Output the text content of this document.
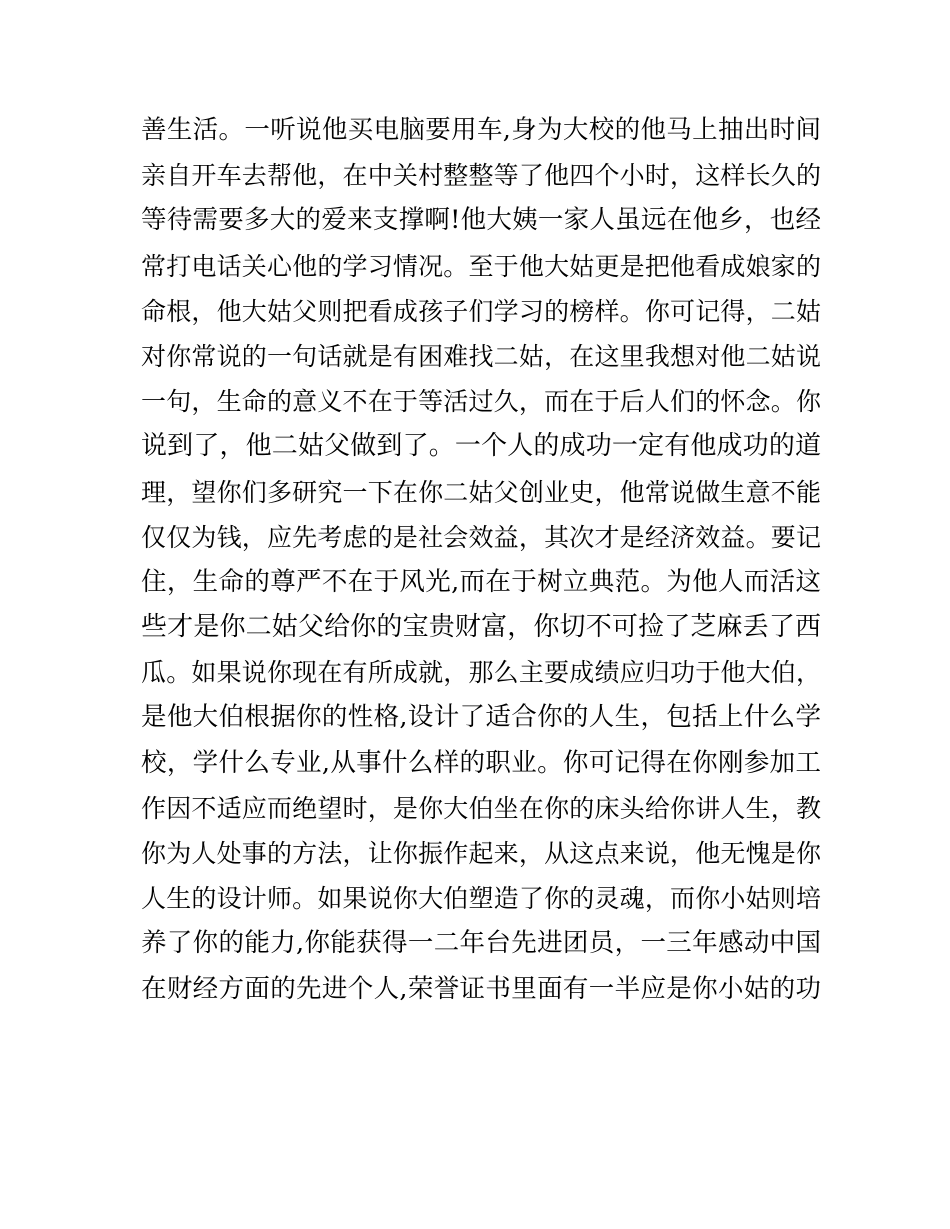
善生活。一听说他买电脑要用车,身为大校的他马上抽出时间
亲自开车去帮他，在中关村整整等了他四个小时，这样长久的
等待需要多大的爱来支撑啊!他大姨一家人虽远在他乡，也经
常打电话关心他的学习情况。至于他大姑更是把他看成娘家的
命根，他大姑父则把看成孩子们学习的榜样。你可记得，二姑
对你常说的一句话就是有困难找二姑，在这里我想对他二姑说
一句，生命的意义不在于等活过久，而在于后人们的怀念。你
说到了，他二姑父做到了。一个人的成功一定有他成功的道
理，望你们多研究一下在你二姑父创业史，他常说做生意不能
仅仅为钱，应先考虑的是社会效益，其次才是经济效益。要记
住，生命的尊严不在于风光,而在于树立典范。为他人而活这
些才是你二姑父给你的宝贵财富，你切不可捡了芝麻丢了西
瓜。如果说你现在有所成就，那么主要成绩应归功于他大伯，
是他大伯根据你的性格,设计了适合你的人生，包括上什么学
校，学什么专业,从事什么样的职业。你可记得在你刚参加工
作因不适应而绝望时，是你大伯坐在你的床头给你讲人生，教
你为人处事的方法，让你振作起来，从这点来说，他无愧是你
人生的设计师。如果说你大伯塑造了你的灵魂，而你小姑则培
养了你的能力,你能获得一二年台先进团员，一三年感动中国
在财经方面的先进个人,荣誉证书里面有一半应是你小姑的功
